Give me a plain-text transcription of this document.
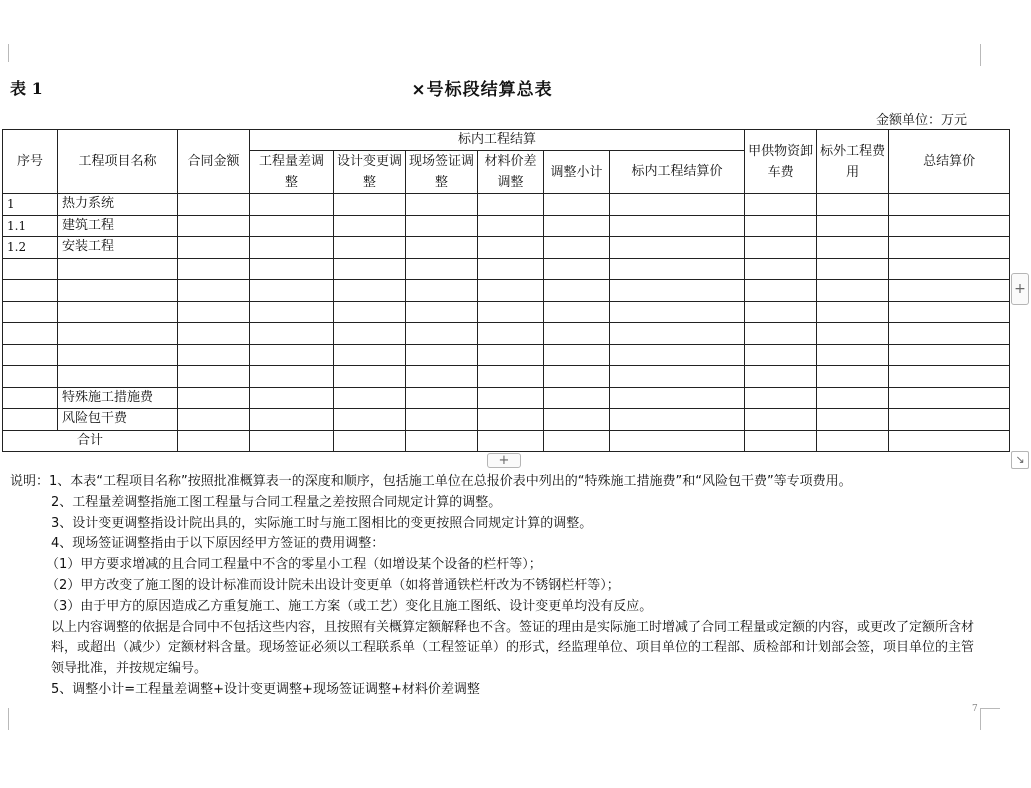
7
表 1	×号标段结算总表
金额单位：万元
序号	工程项目名称	合同金额	标内工程结算						甲供物资卸车费	标外工程费用	总结算价
			工程量差调整	设计变更调整	现场签证调整	材料价差调整	调整小计	标内工程结算价			
1	热力系统										
1.1	建筑工程										
1.2	安装工程										

	特殊施工措施费										
	风险包干费										
合计											
+
+	↘
说明：1、本表“工程项目名称”按照批准概算表一的深度和顺序，包括施工单位在总报价表中列出的“特殊施工措施费”和“风险包干费”等专项费用。
2、工程量差调整指施工图工程量与合同工程量之差按照合同规定计算的调整。
3、设计变更调整指设计院出具的，实际施工时与施工图相比的变更按照合同规定计算的调整。
4、现场签证调整指由于以下原因经甲方签证的费用调整：
（1）甲方要求增减的且合同工程量中不含的零星小工程（如增设某个设备的栏杆等）；
（2）甲方改变了施工图的设计标准而设计院未出设计变更单（如将普通铁栏杆改为不锈钢栏杆等）；
（3）由于甲方的原因造成乙方重复施工、施工方案（或工艺）变化且施工图纸、设计变更单均没有反应。
以上内容调整的依据是合同中不包括这些内容，且按照有关概算定额解释也不含。签证的理由是实际施工时增减了合同工程量或定额的内容，或更改了定额所含材料，或超出（减少）定额材料含量。现场签证必须以工程联系单（工程签证单）的形式，经监理单位、项目单位的工程部、质检部和计划部会签，项目单位的主管领导批准，并按规定编号。
5、调整小计=工程量差调整+设计变更调整+现场签证调整+材料价差调整
